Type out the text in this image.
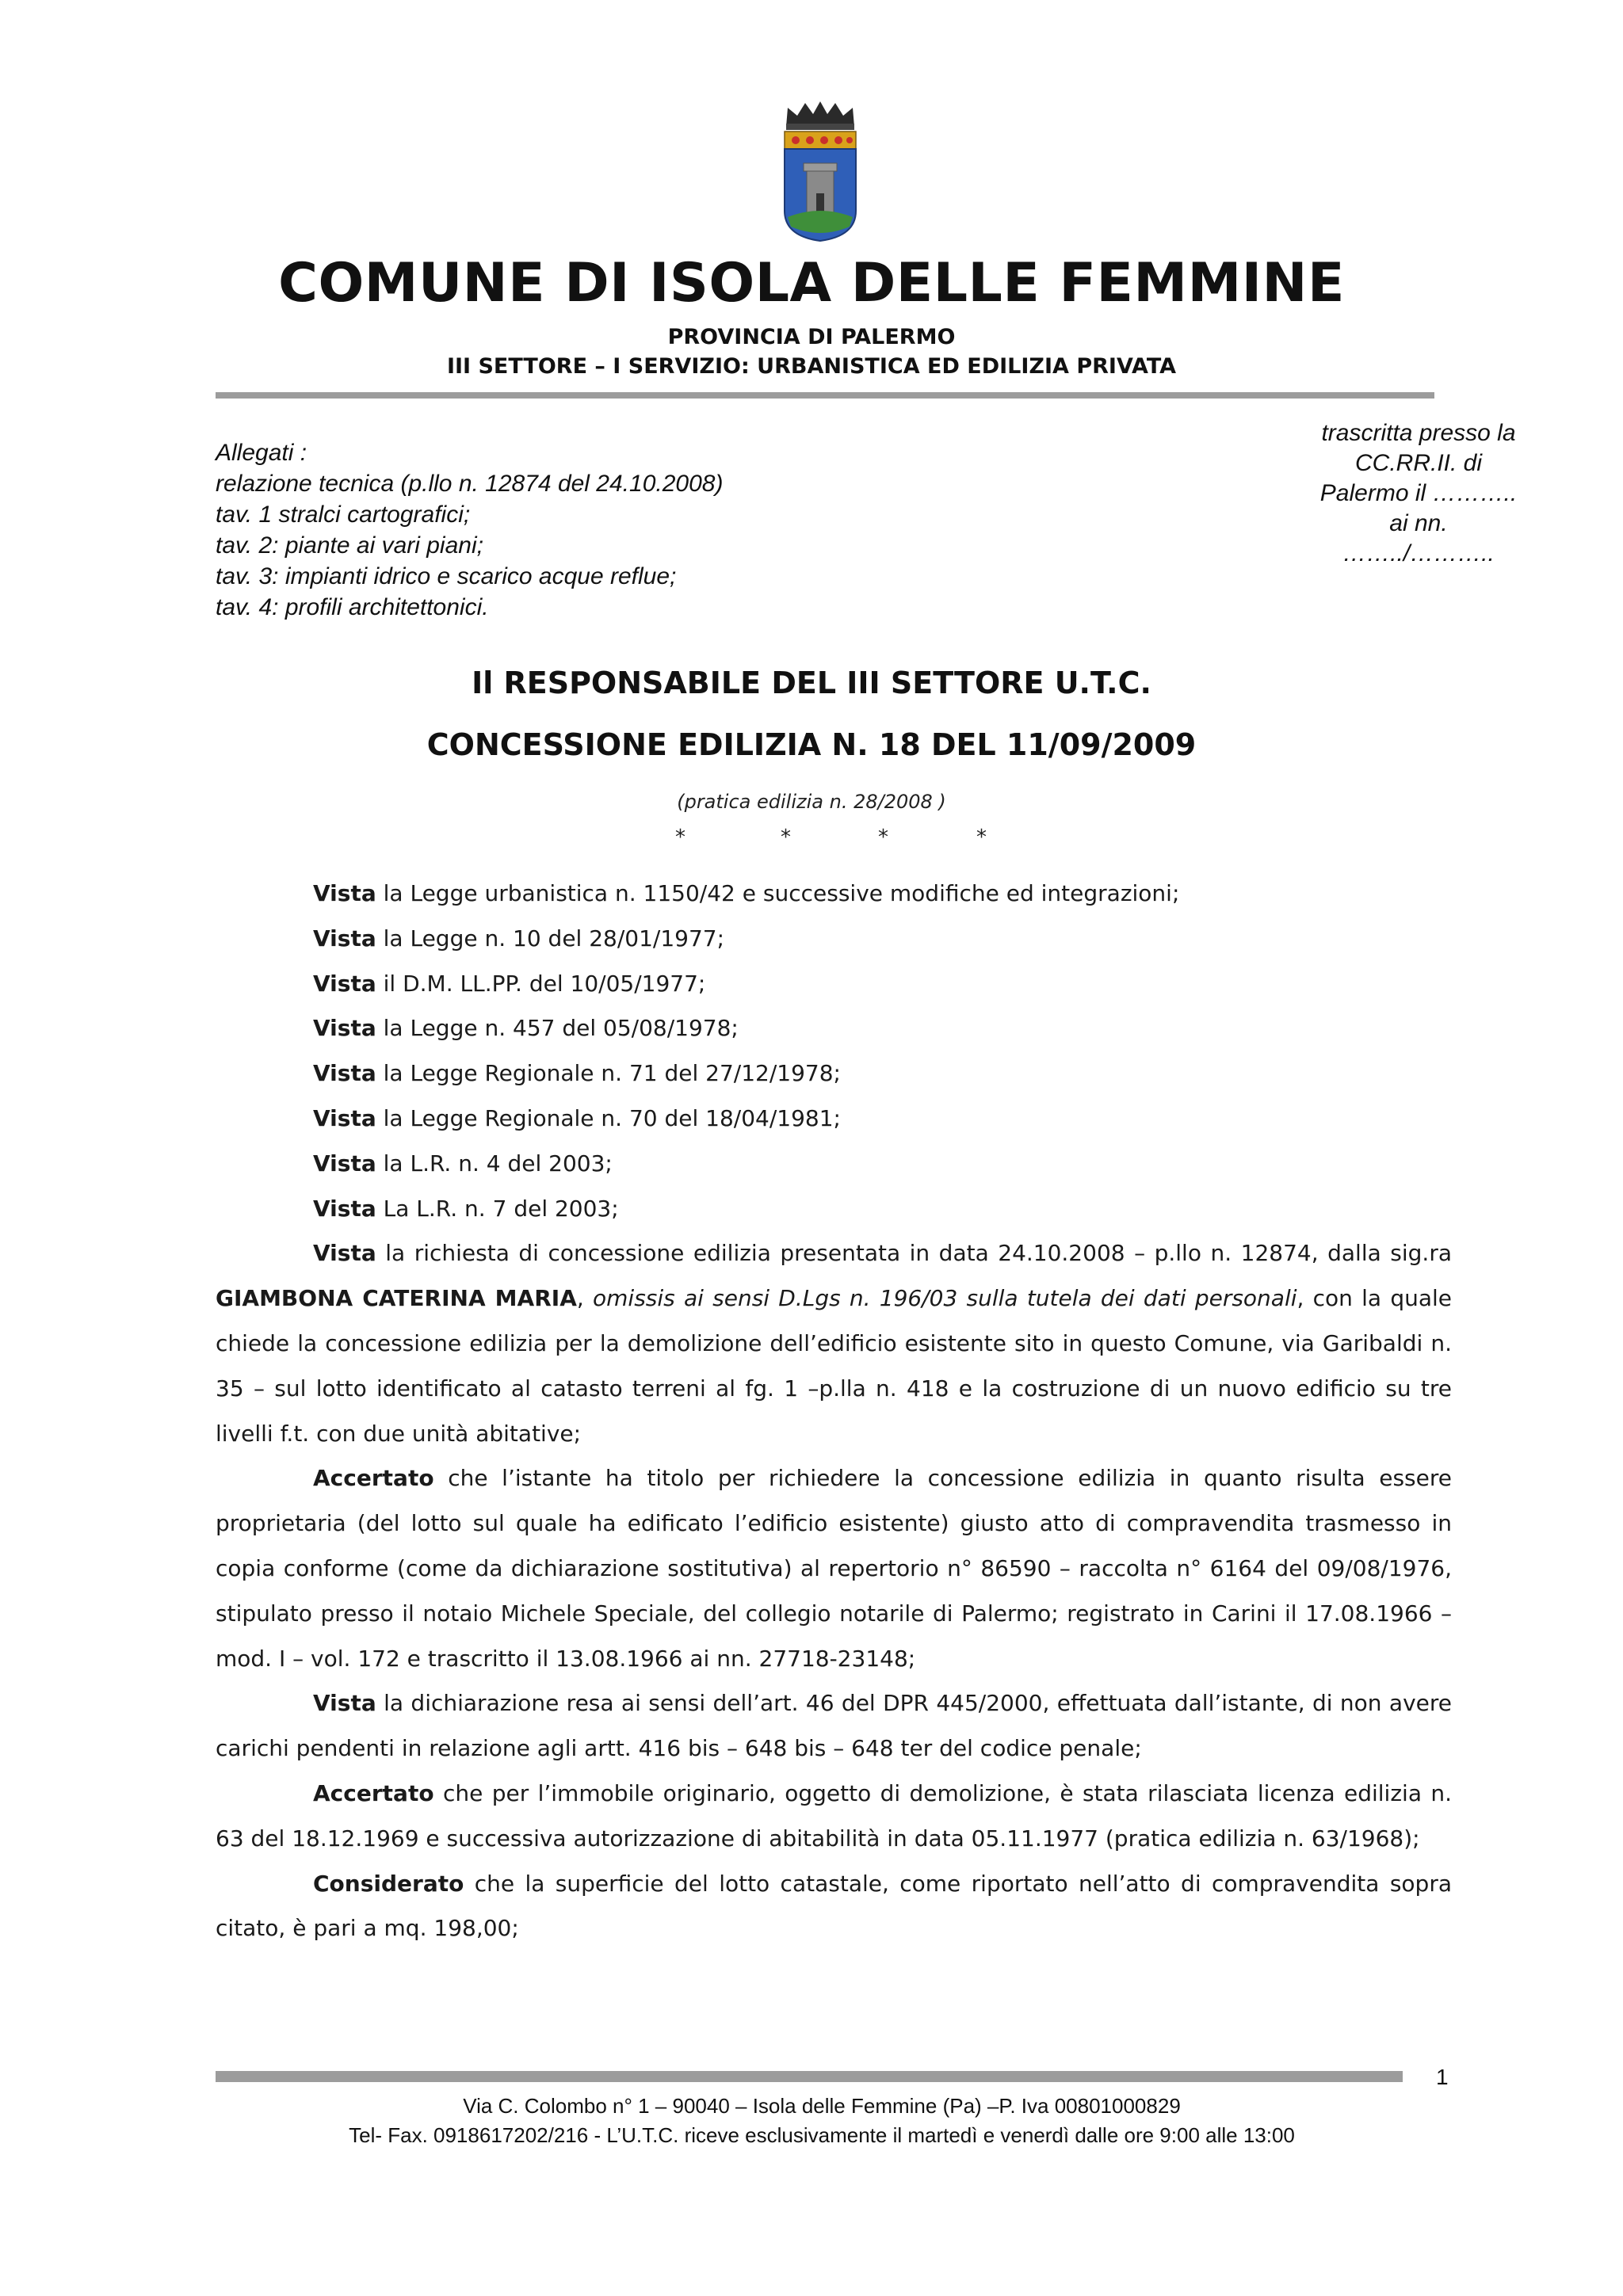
COMUNE DI ISOLA DELLE FEMMINE
PROVINCIA DI PALERMO
III SETTORE – I SERVIZIO: URBANISTICA ED EDILIZIA PRIVATA
Allegati :
relazione tecnica (p.llo n. 12874 del 24.10.2008)
tav. 1 stralci cartografici;
tav. 2: piante ai vari piani;
tav. 3: impianti idrico e scarico acque reflue;
tav. 4: profili architettonici.
trascritta presso la
CC.RR.II. di
Palermo il ………..
ai nn.
……../………..
Il RESPONSABILE DEL III SETTORE U.T.C.
CONCESSIONE EDILIZIA N. 18 DEL 11/09/2009
(pratica edilizia n. 28/2008 )
*	*	*	*
Vista la Legge urbanistica n. 1150/42 e successive modifiche ed integrazioni;
Vista la Legge n. 10 del 28/01/1977;
Vista il D.M. LL.PP. del 10/05/1977;
Vista la Legge n. 457 del 05/08/1978;
Vista la Legge Regionale n. 71 del 27/12/1978;
Vista la Legge Regionale n. 70 del 18/04/1981;
Vista la L.R. n. 4 del 2003;
Vista La L.R. n. 7 del 2003;
Vista la richiesta di concessione edilizia presentata in data 24.10.2008 – p.llo n. 12874, dalla sig.ra GIAMBONA CATERINA MARIA, omissis ai sensi D.Lgs n. 196/03 sulla tutela dei dati personali, con la quale chiede la concessione edilizia per la demolizione dell’edificio esistente sito in questo Comune, via Garibaldi n. 35 – sul lotto identificato al catasto terreni al fg. 1 –p.lla n. 418 e la costruzione di un nuovo edificio su tre livelli f.t. con due unità abitative;
Accertato che l’istante ha titolo per richiedere la concessione edilizia in quanto risulta essere proprietaria (del lotto sul quale ha edificato l’edificio esistente) giusto atto di compravendita trasmesso in copia conforme (come da dichiarazione sostitutiva) al repertorio n° 86590 – raccolta n° 6164 del 09/08/1976, stipulato presso il notaio Michele Speciale, del collegio notarile di Palermo; registrato in Carini il 17.08.1966 – mod. I – vol. 172 e trascritto il 13.08.1966 ai nn. 27718-23148;
Vista la dichiarazione resa ai sensi dell’art. 46 del DPR 445/2000, effettuata dall’istante, di non avere carichi pendenti in relazione agli artt. 416 bis – 648 bis – 648 ter del codice penale;
Accertato che per l’immobile originario, oggetto di demolizione, è stata rilasciata licenza edilizia n. 63 del 18.12.1969 e successiva autorizzazione di abitabilità in data 05.11.1977 (pratica edilizia n. 63/1968);
Considerato che la superficie del lotto catastale, come riportato nell’atto di compravendita sopra citato, è pari a mq. 198,00;
1
Via C. Colombo n° 1 – 90040 – Isola delle Femmine (Pa) –P. Iva 00801000829
Tel- Fax. 0918617202/216 - L’U.T.C. riceve esclusivamente il martedì e venerdì dalle ore 9:00 alle 13:00
